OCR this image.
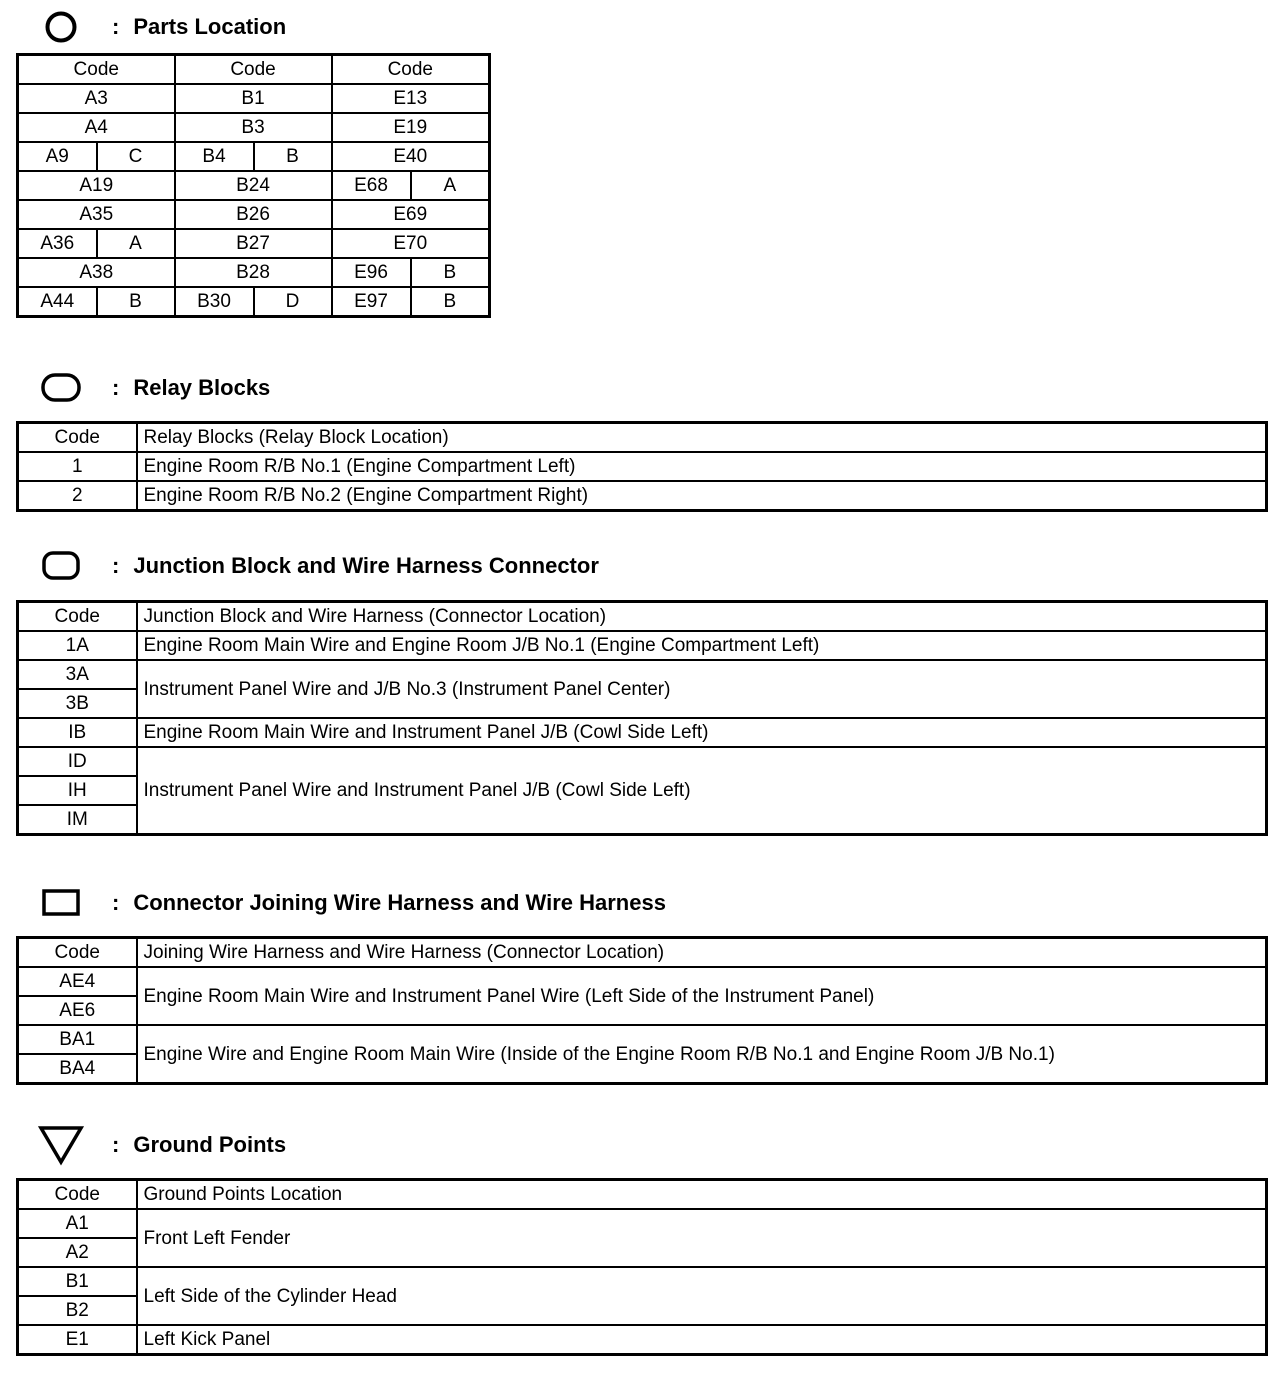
: Parts Location
Code		Code		Code	
A3		B1		E13	
A4		B3		E19	
A9	C	B4	B	E40	
A19		B24		E68	A
A35		B26		E69	
A36	A	B27		E70	
A38		B28		E96	B
A44	B	B30	D	E97	B
: Relay Blocks
Code	Relay Blocks (Relay Block Location)
1	Engine Room R/B No.1 (Engine Compartment Left)
2	Engine Room R/B No.2 (Engine Compartment Right)
: Junction Block and Wire Harness Connector
Code	Junction Block and Wire Harness (Connector Location)
1A	Engine Room Main Wire and Engine Room J/B No.1 (Engine Compartment Left)
3A	Instrument Panel Wire and J/B No.3 (Instrument Panel Center)
3B	
IB	Engine Room Main Wire and Instrument Panel J/B (Cowl Side Left)
ID	Instrument Panel Wire and Instrument Panel J/B (Cowl Side Left)
IH	
IM	
: Connector Joining Wire Harness and Wire Harness
Code	Joining Wire Harness and Wire Harness (Connector Location)
AE4	Engine Room Main Wire and Instrument Panel Wire (Left Side of the Instrument Panel)
AE6	
BA1	Engine Wire and Engine Room Main Wire (Inside of the Engine Room R/B No.1 and Engine Room J/B No.1)
BA4	
: Ground Points
Code	Ground Points Location
A1	Front Left Fender
A2	
B1	Left Side of the Cylinder Head
B2	
E1	Left Kick Panel
